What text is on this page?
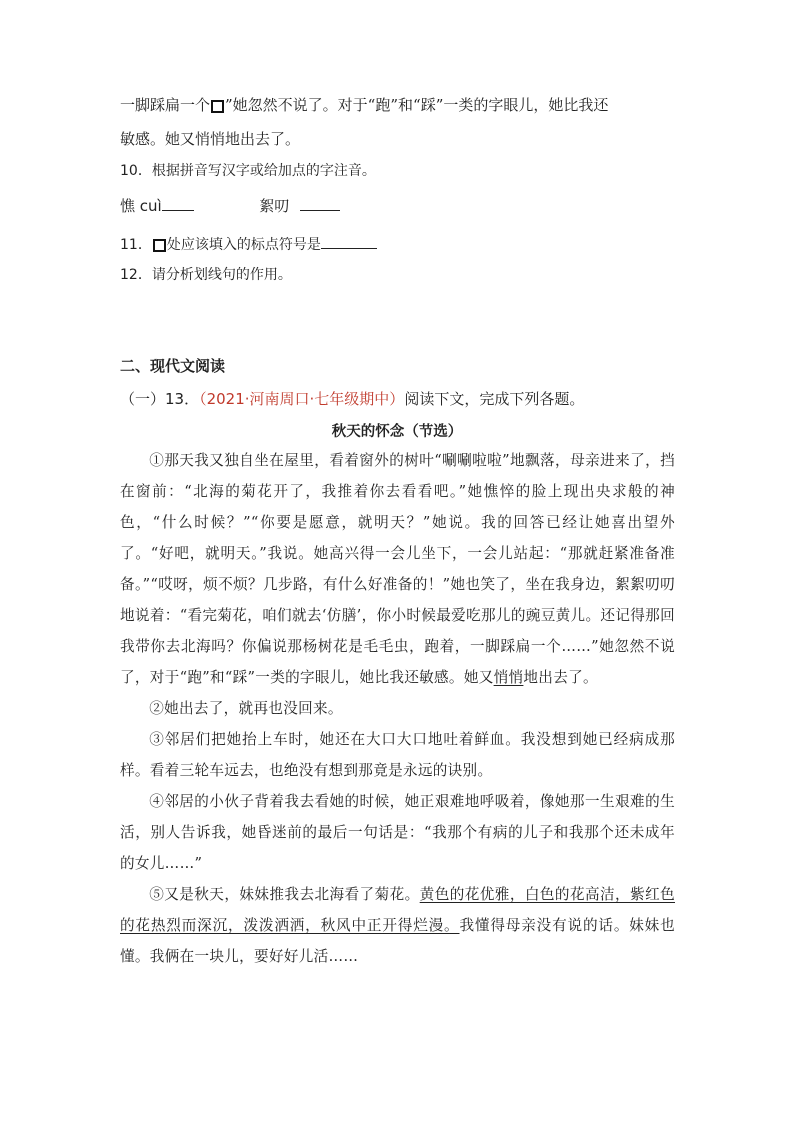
一脚踩扁一个 ”她忽然不说了。对于“跑”和“踩”一类的字眼儿，她比我还
敏感。她又悄悄地出去了。
10．根据拼音写汉字或给加点的字注音。
憔 cuì	絮叨
11． 处应该填入的标点符号是
12．请分析划线句的作用。
二、现代文阅读
（一）13．（2021·河南周口·七年级期中）阅读下文，完成下列各题。
秋天的怀念（节选）

①那天我又独自坐在屋里，看着窗外的树叶“唰唰啦啦”地飘落，母亲进来了，挡在窗前：“北海的菊花开了，我推着你去看看吧。”她憔悴的脸上现出央求般的神色，“什么时候？”“你要是愿意，就明天？”她说。我的回答已经让她喜出望外了。“好吧，就明天。”我说。她高兴得一会儿坐下，一会儿站起：“那就赶紧准备准备。”“哎呀，烦不烦？几步路，有什么好准备的！”她也笑了，坐在我身边，絮絮叨叨地说着：“看完菊花，咱们就去‘仿膳’，你小时候最爱吃那儿的豌豆黄儿。还记得那回我带你去北海吗？你偏说那杨树花是毛毛虫，跑着，一脚踩扁一个……”她忽然不说了，对于“跑”和“踩”一类的字眼儿，她比我还敏感。她又悄悄地出去了。

②她出去了，就再也没回来。

③邻居们把她抬上车时，她还在大口大口地吐着鲜血。我没想到她已经病成那样。看着三轮车远去，也绝没有想到那竟是永远的诀别。

④邻居的小伙子背着我去看她的时候，她正艰难地呼吸着，像她那一生艰难的生活，别人告诉我，她昏迷前的最后一句话是：“我那个有病的儿子和我那个还未成年的女儿……”

⑤又是秋天，妹妹推我去北海看了菊花。黄色的花优雅，白色的花高洁，紫红色的花热烈而深沉，泼泼洒洒，秋风中正开得烂漫。我懂得母亲没有说的话。妹妹也懂。我俩在一块儿，要好好儿活……
